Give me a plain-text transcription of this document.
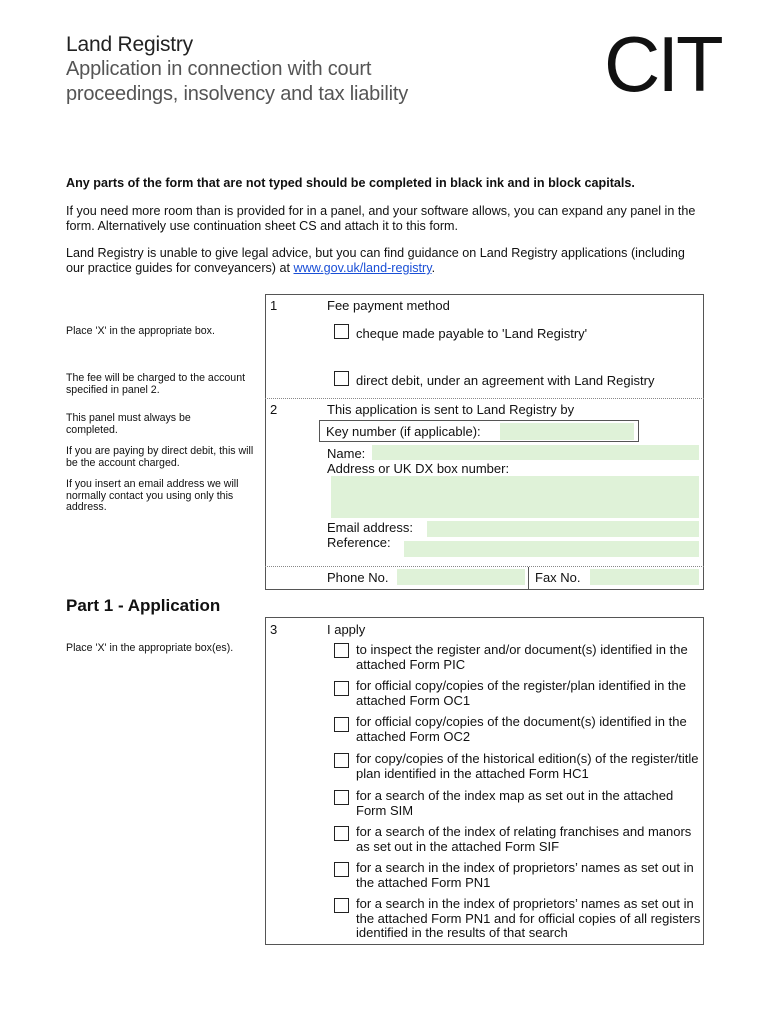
Land Registry
Application in connection with court
proceedings, insolvency and tax liability	CIT
Any parts of the form that are not typed should be completed in black ink and in block capitals.
If you need more room than is provided for in a panel, and your software allows, you can expand any panel in the form. Alternatively use continuation sheet CS and attach it to this form.
Land Registry is unable to give legal advice, but you can find guidance on Land Registry applications (including our practice guides for conveyancers) at www.gov.uk/land-registry.
Place 'X' in the appropriate box.
The fee will be charged to the account specified in panel 2.
This panel must always be completed.
If you are paying by direct debit, this will be the account charged.
If you insert an email address we will normally contact you using only this address.
Place 'X' in the appropriate box(es).
1	Fee payment method
cheque made payable to 'Land Registry'
direct debit, under an agreement with Land Registry
2	This application is sent to Land Registry by
Key number (if applicable):
Name:
Address or UK DX box number:
Email address:
Reference:
Phone No.	Fax No.
Part 1 - Application
3	I apply
to inspect the register and/or document(s) identified in the attached Form PIC
for official copy/copies of the register/plan identified in the attached Form OC1
for official copy/copies of the document(s) identified in the attached Form OC2
for copy/copies of the historical edition(s) of the register/title plan identified in the attached Form HC1
for a search of the index map as set out in the attached Form SIM
for a search of the index of relating franchises and manors as set out in the attached Form SIF
for a search in the index of proprietors’ names as set out in the attached Form PN1
for a search in the index of proprietors’ names as set out in the attached Form PN1 and for official copies of all registers identified in the results of that search
